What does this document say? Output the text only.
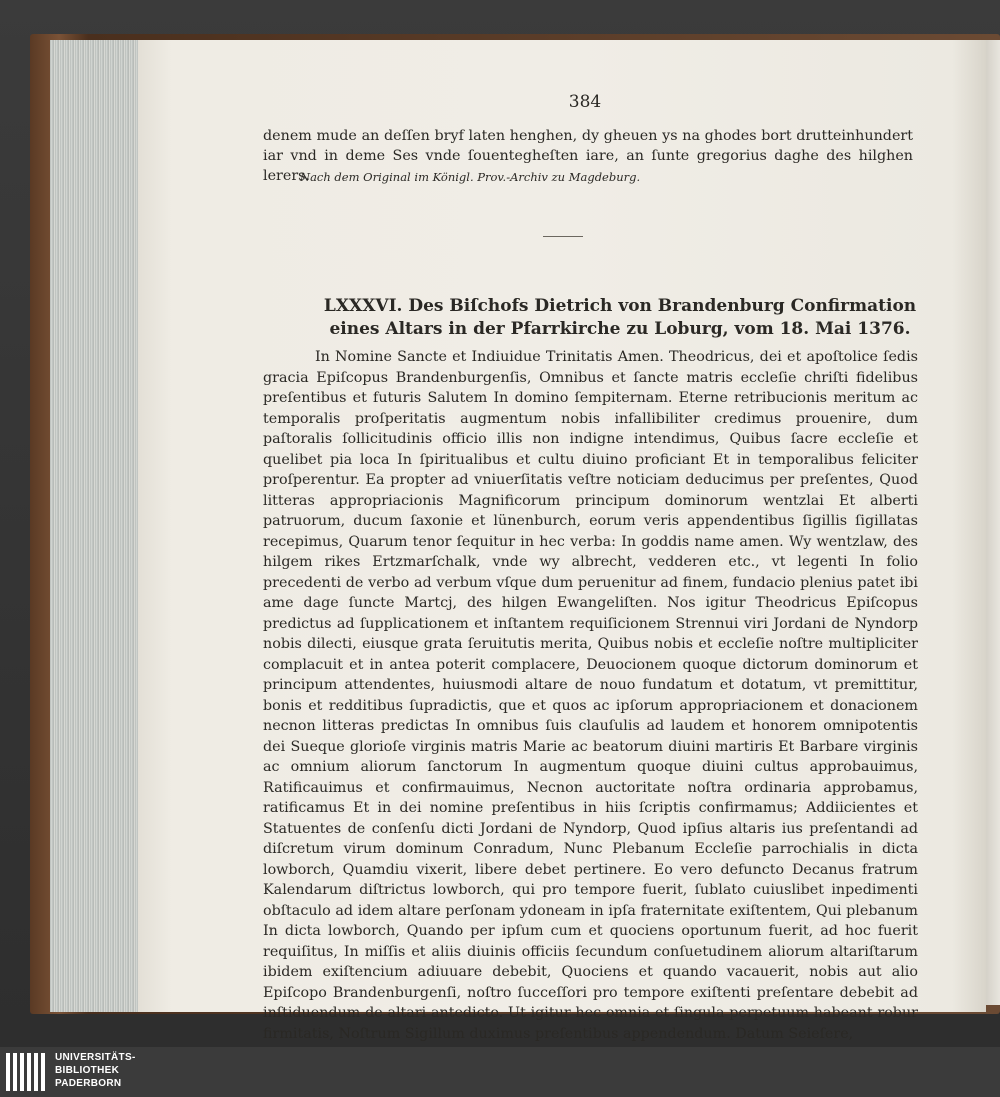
384
denem mude an deſſen bryf laten henghen, dy gheuen ys na ghodes bort drutteinhundert iar vnd in deme Ses vnde ſouentegheſten iare, an ſunte gregorius daghe des hilghen lerers.
Nach dem Original im Königl. Prov.-Archiv zu Magdeburg.
LXXXVI. Des Biſchofs Dietrich von Brandenburg Confirmation eines Altars in der Pfarrkirche zu Loburg, vom 18. Mai 1376.

In Nomine Sancte et Indiuidue Trinitatis Amen. Theodricus, dei et apoſtolice ſedis gracia Epiſcopus Brandenburgenſis, Omnibus et ſancte matris eccleſie chriſti fidelibus preſentibus et futuris Salutem In domino ſempiternam. Eterne retribucionis meritum ac temporalis proſperitatis augmentum nobis infallibiliter credimus prouenire, dum paſtoralis ſollicitudinis officio illis non indigne intendimus, Quibus ſacre eccleſie et quelibet pia loca In ſpiritualibus et cultu diuino proficiant Et in temporalibus feliciter proſperentur. Ea propter ad vniuerſitatis veſtre noticiam deducimus per preſentes, Quod litteras appropriacionis Magnificorum principum dominorum wentzlai Et alberti patruorum, ducum ſaxonie et lünenburch, eorum veris appendentibus ſigillis ſigillatas recepimus, Quarum tenor ſequitur in hec verba: In goddis name amen. Wy wentzlaw, des hilgem rikes Ertzmarſchalk, vnde wy albrecht, vedderen etc., vt legenti In folio precedenti de verbo ad verbum vſque dum peruenitur ad finem, fundacio plenius patet ibi ame dage ſuncte Martcj, des hilgen Ewangeliſten. Nos igitur Theodricus Epiſcopus predictus ad ſupplicationem et inſtantem requiſicionem Strennui viri Jordani de Nyndorp nobis dilecti, eiusque grata ſeruitutis merita, Quibus nobis et eccleſie noſtre multipliciter complacuit et in antea poterit complacere, Deuocionem quoque dictorum dominorum et principum attendentes, huiusmodi altare de nouo fundatum et dotatum, vt premittitur, bonis et redditibus ſupradictis, que et quos ac ipſorum appropriacionem et donacionem necnon litteras predictas In omnibus ſuis clauſulis ad laudem et honorem omnipotentis dei Sueque glorioſe virginis matris Marie ac beatorum diuini martiris Et Barbare virginis ac omnium aliorum ſanctorum In augmentum quoque diuini cultus approbauimus, Ratificauimus et confirmauimus, Necnon auctoritate noſtra ordinaria approbamus, ratificamus Et in dei nomine preſentibus in hiis ſcriptis confirmamus; Addiicientes et Statuentes de conſenſu dicti Jordani de Nyndorp, Quod ipſius altaris ius preſentandi ad diſcretum virum dominum Conradum, Nunc Plebanum Eccleſie parrochialis in dicta lowborch, Quamdiu vixerit, libere debet pertinere. Eo vero defuncto Decanus fratrum Kalendarum diſtrictus lowborch, qui pro tempore fuerit, ſublato cuiuslibet inpedimenti obſtaculo ad idem altare perſonam ydoneam in ipſa fraternitate exiſtentem, Qui plebanum In dicta lowborch, Quando per ipſum cum et quociens oportunum fuerit, ad hoc fuerit requiſitus, In miſſis et aliis diuinis officiis ſecundum conſuetudinem aliorum altariſtarum ibidem exiſtencium adiuuare debebit, Quociens et quando vacauerit, nobis aut alio Epiſcopo Brandenburgenſi, noſtro ſucceſſori pro tempore exiſtenti preſentare debebit ad inſtiduendum de altari antedicto. Ut igitur hec omnia et ſingula perpetuum habeant robur firmitatis, Noſtrum Sigillum duximus preſentibus appendendum. Datum Seieſere,

UNIVERSITÄTS-
BIBLIOTHEK
PADERBORN
